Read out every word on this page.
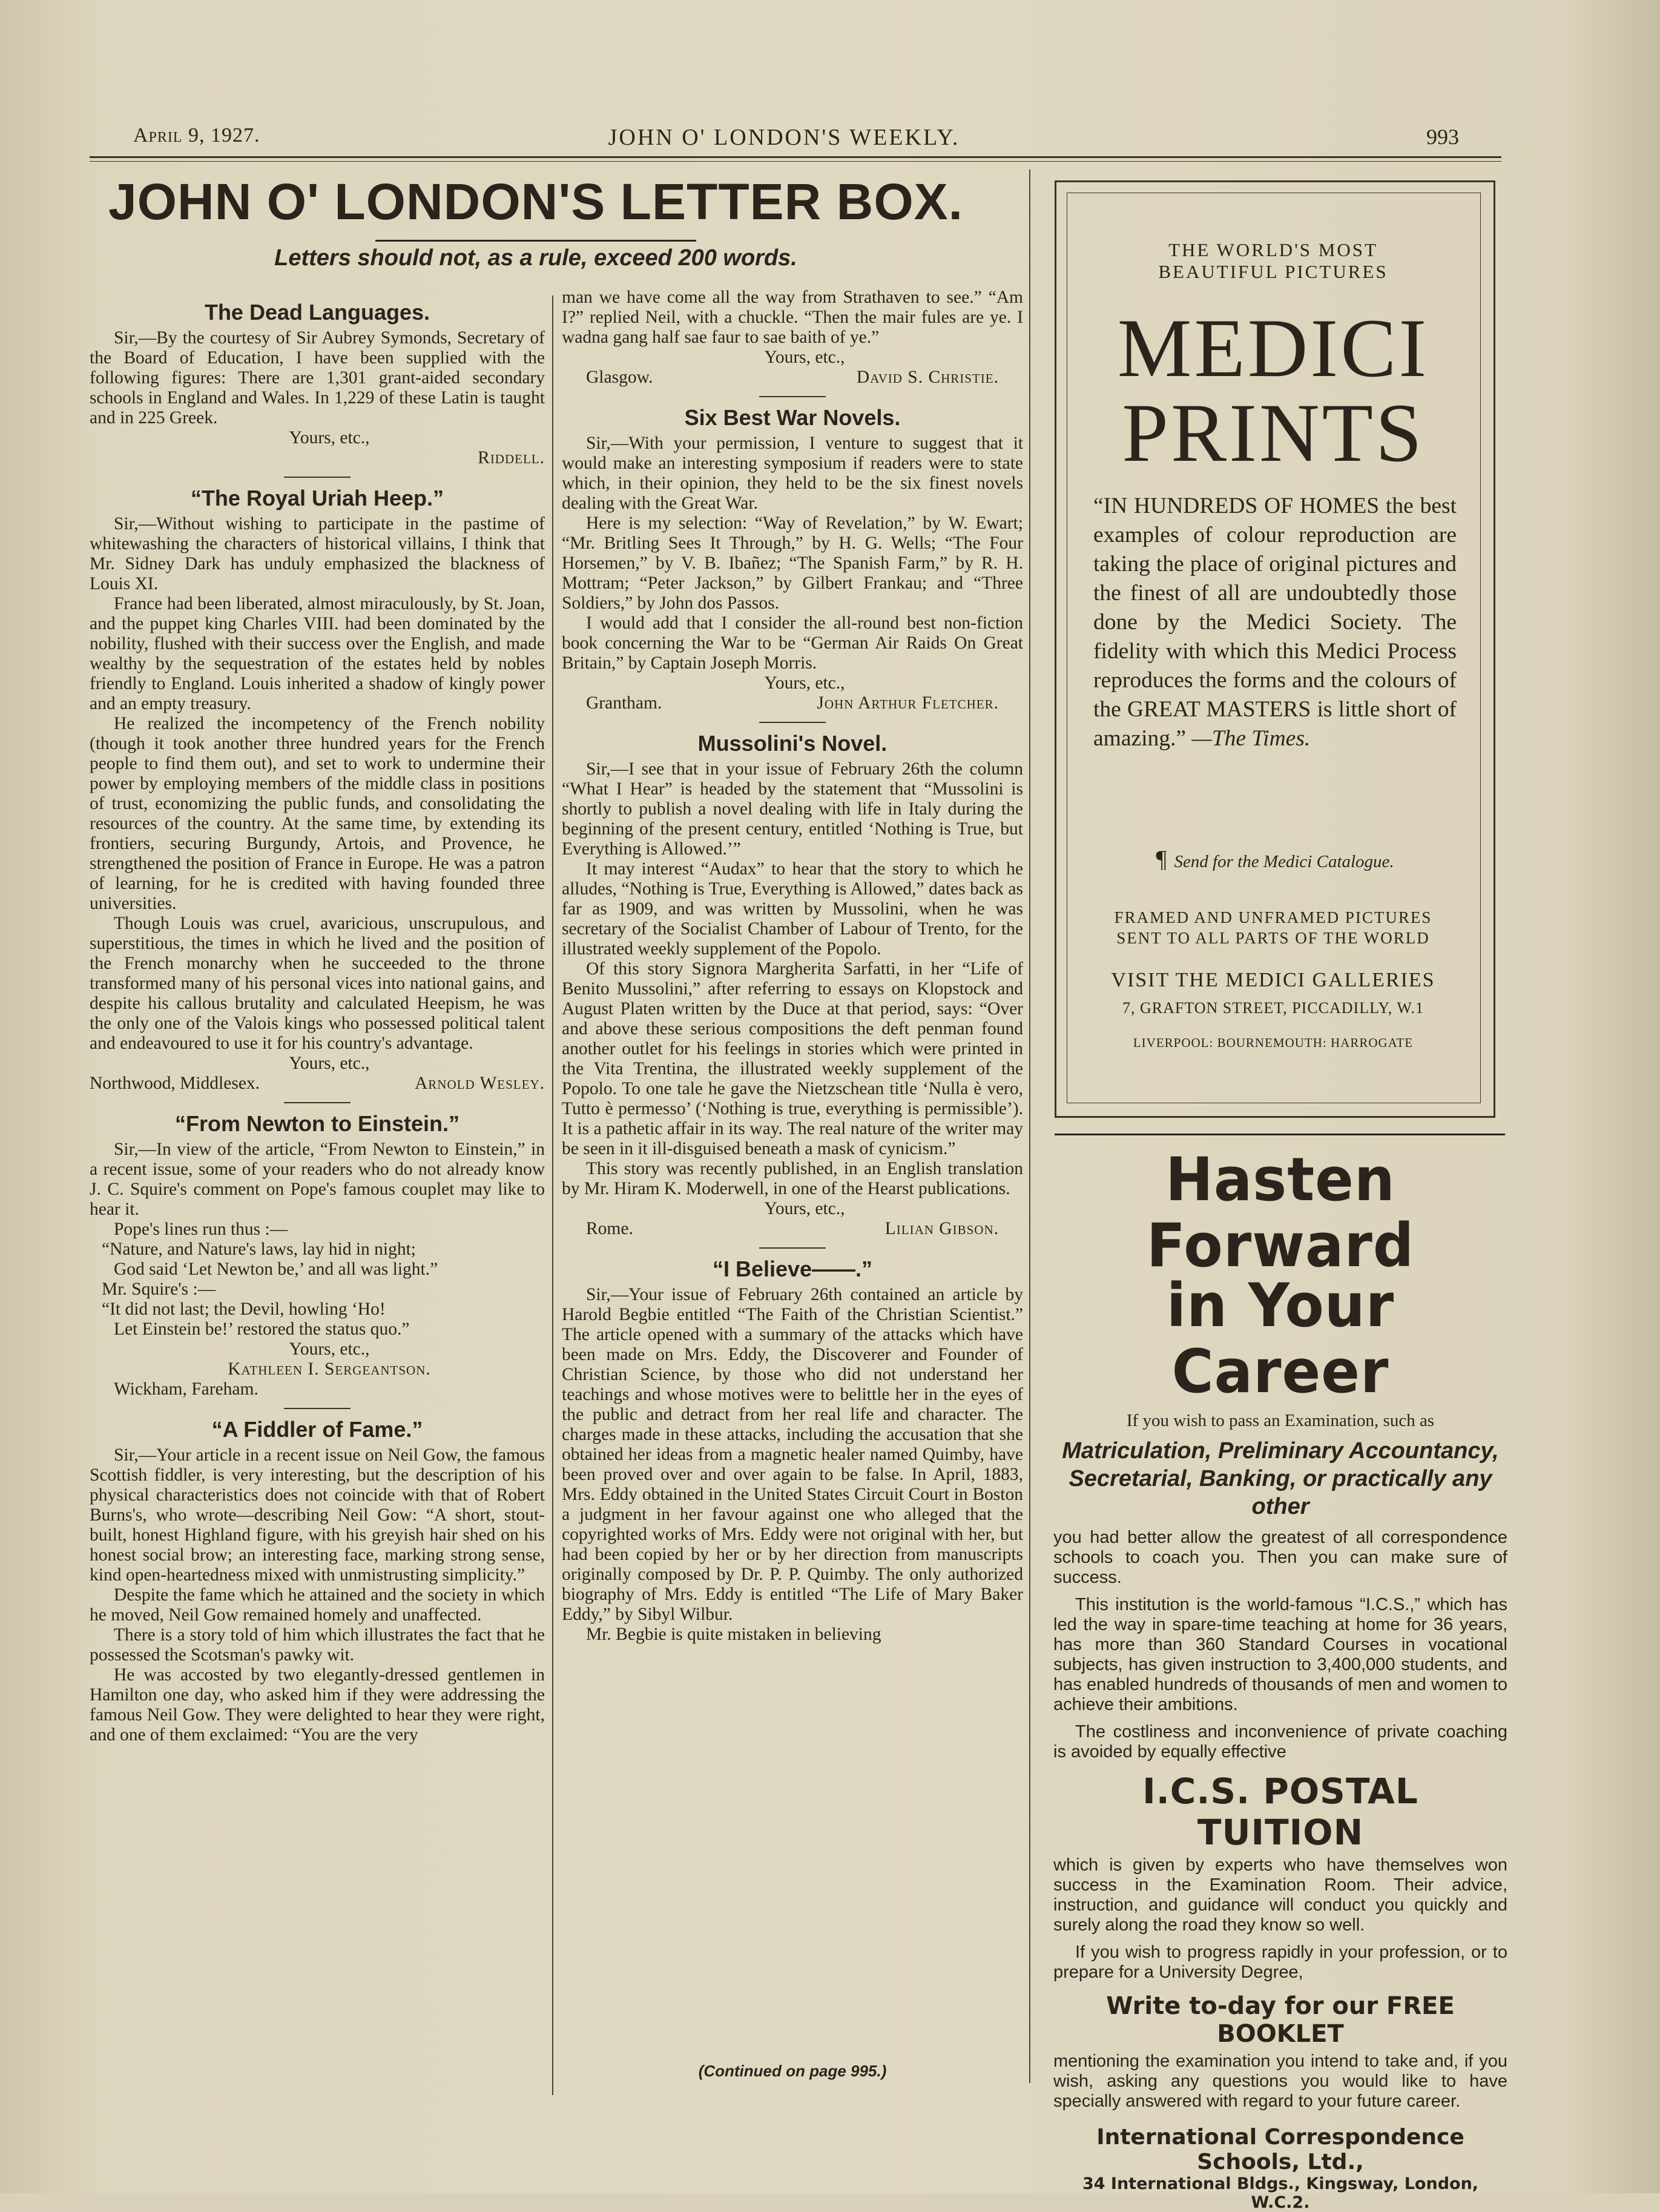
April 9, 1927.	JOHN O' LONDON'S WEEKLY.	993
JOHN O' LONDON'S LETTER BOX.
Letters should not, as a rule, exceed 200 words.
The Dead Languages.

Sir,—By the courtesy of Sir Aubrey Symonds, Secretary of the Board of Education, I have been supplied with the following figures: There are 1,301 grant-aided secondary schools in England and Wales. In 1,229 of these Latin is taught and in 225 Greek.

Yours, etc.,

Riddell.

“The Royal Uriah Heep.”

Sir,—Without wishing to participate in the pastime of whitewashing the characters of historical villains, I think that Mr. Sidney Dark has unduly emphasized the blackness of Louis XI.

France had been liberated, almost miraculously, by St. Joan, and the puppet king Charles VIII. had been dominated by the nobility, flushed with their success over the English, and made wealthy by the sequestration of the estates held by nobles friendly to England. Louis inherited a shadow of kingly power and an empty treasury.

He realized the incompetency of the French nobility (though it took another three hundred years for the French people to find them out), and set to work to undermine their power by employing members of the middle class in positions of trust, economizing the public funds, and consolidating the resources of the country. At the same time, by extending its frontiers, securing Burgundy, Artois, and Provence, he strengthened the position of France in Europe. He was a patron of learning, for he is credited with having founded three universities.

Though Louis was cruel, avaricious, unscrupulous, and superstitious, the times in which he lived and the position of the French monarchy when he succeeded to the throne transformed many of his personal vices into national gains, and despite his callous brutality and calculated Heepism, he was the only one of the Valois kings who possessed political talent and endeavoured to use it for his country's advantage.

Yours, etc.,

Northwood, Middlesex.	Arnold Wesley.
“From Newton to Einstein.”

Sir,—In view of the article, “From Newton to Einstein,” in a recent issue, some of your readers who do not already know J. C. Squire's comment on Pope's famous couplet may like to hear it.

Pope's lines run thus :—

“Nature, and Nature's laws, lay hid in night;

God said ‘Let Newton be,’ and all was light.”

Mr. Squire's :—

“It did not last; the Devil, howling ‘Ho!

Let Einstein be!’ restored the status quo.”

Yours, etc.,

Kathleen I. Sergeantson.

Wickham, Fareham.

“A Fiddler of Fame.”

Sir,—Your article in a recent issue on Neil Gow, the famous Scottish fiddler, is very interesting, but the description of his physical characteristics does not coincide with that of Robert Burns's, who wrote—describing Neil Gow: “A short, stout-built, honest Highland figure, with his greyish hair shed on his honest social brow; an interesting face, marking strong sense, kind open-heartedness mixed with unmistrusting simplicity.”

Despite the fame which he attained and the society in which he moved, Neil Gow remained homely and unaffected.

There is a story told of him which illustrates the fact that he possessed the Scotsman's pawky wit.

He was accosted by two elegantly-dressed gentlemen in Hamilton one day, who asked him if they were addressing the famous Neil Gow. They were delighted to hear they were right, and one of them exclaimed: “You are the very

man we have come all the way from Strathaven to see.” “Am I?” replied Neil, with a chuckle. “Then the mair fules are ye. I wadna gang half sae faur to sae baith of ye.”

Yours, etc.,

Glasgow.	David S. Christie.
Six Best War Novels.

Sir,—With your permission, I venture to suggest that it would make an interesting symposium if readers were to state which, in their opinion, they held to be the six finest novels dealing with the Great War.

Here is my selection: “Way of Revelation,” by W. Ewart; “Mr. Britling Sees It Through,” by H. G. Wells; “The Four Horsemen,” by V. B. Ibañez; “The Spanish Farm,” by R. H. Mottram; “Peter Jackson,” by Gilbert Frankau; and “Three Soldiers,” by John dos Passos.

I would add that I consider the all-round best non-fiction book concerning the War to be “German Air Raids On Great Britain,” by Captain Joseph Morris.

Yours, etc.,

Grantham.	John Arthur Fletcher.
Mussolini's Novel.

Sir,—I see that in your issue of February 26th the column “What I Hear” is headed by the statement that “Mussolini is shortly to publish a novel dealing with life in Italy during the beginning of the present century, entitled ‘Nothing is True, but Everything is Allowed.’”

It may interest “Audax” to hear that the story to which he alludes, “Nothing is True, Everything is Allowed,” dates back as far as 1909, and was written by Mussolini, when he was secretary of the Socialist Chamber of Labour of Trento, for the illustrated weekly supplement of the Popolo.

Of this story Signora Margherita Sarfatti, in her “Life of Benito Mussolini,” after referring to essays on Klopstock and August Platen written by the Duce at that period, says: “Over and above these serious compositions the deft penman found another outlet for his feelings in stories which were printed in the Vita Trentina, the illustrated weekly supplement of the Popolo. To one tale he gave the Nietzschean title ‘Nulla è vero, Tutto è permesso’ (‘Nothing is true, everything is permissible’). It is a pathetic affair in its way. The real nature of the writer may be seen in it ill-disguised beneath a mask of cynicism.”

This story was recently published, in an English translation by Mr. Hiram K. Moderwell, in one of the Hearst publications.

Yours, etc.,

Rome.	Lilian Gibson.
“I Believe——.”

Sir,—Your issue of February 26th contained an article by Harold Begbie entitled “The Faith of the Christian Scientist.” The article opened with a summary of the attacks which have been made on Mrs. Eddy, the Discoverer and Founder of Christian Science, by those who did not understand her teachings and whose motives were to belittle her in the eyes of the public and detract from her real life and character. The charges made in these attacks, including the accusation that she obtained her ideas from a magnetic healer named Quimby, have been proved over and over again to be false. In April, 1883, Mrs. Eddy obtained in the United States Circuit Court in Boston a judgment in her favour against one who alleged that the copyrighted works of Mrs. Eddy were not original with her, but had been copied by her or by her direction from manuscripts originally composed by Dr. P. P. Quimby. The only authorized biography of Mrs. Eddy is entitled “The Life of Mary Baker Eddy,” by Sibyl Wilbur.

Mr. Begbie is quite mistaken in believing

(Continued on page 995.)
THE WORLD'S MOST
BEAUTIFUL PICTURES
MEDICI
PRINTS
“IN HUNDREDS OF HOMES the best examples of colour reproduction are taking the place of original pictures and the finest of all are undoubtedly those done by the Medici Society. The fidelity with which this Medici Process reproduces the forms and the colours of the GREAT MASTERS is little short of amazing.” —The Times.
¶ Send for the Medici Catalogue.
FRAMED AND UNFRAMED PICTURES
SENT TO ALL PARTS OF THE WORLD
VISIT THE MEDICI GALLERIES
7, GRAFTON STREET, PICCADILLY, W.1
LIVERPOOL: BOURNEMOUTH: HARROGATE
Hasten Forward
in Your Career
If you wish to pass an Examination, such as
Matriculation, Preliminary Accountancy, Secretarial, Banking, or practically any other

you had better allow the greatest of all correspondence schools to coach you. Then you can make sure of success.

This institution is the world-famous “I.C.S.,” which has led the way in spare-time teaching at home for 36 years, has more than 360 Standard Courses in vocational subjects, has given instruction to 3,400,000 students, and has enabled hundreds of thousands of men and women to achieve their ambitions.

The costliness and inconvenience of private coaching is avoided by equally effective

I.C.S. POSTAL TUITION

which is given by experts who have themselves won success in the Examination Room. Their advice, instruction, and guidance will conduct you quickly and surely along the road they know so well.

If you wish to progress rapidly in your profession, or to prepare for a University Degree,

Write to-day for our FREE BOOKLET

mentioning the examination you intend to take and, if you wish, asking any questions you would like to have specially answered with regard to your future career.

International Correspondence Schools, Ltd.,
34 International Bldgs., Kingsway, London, W.C.2.
